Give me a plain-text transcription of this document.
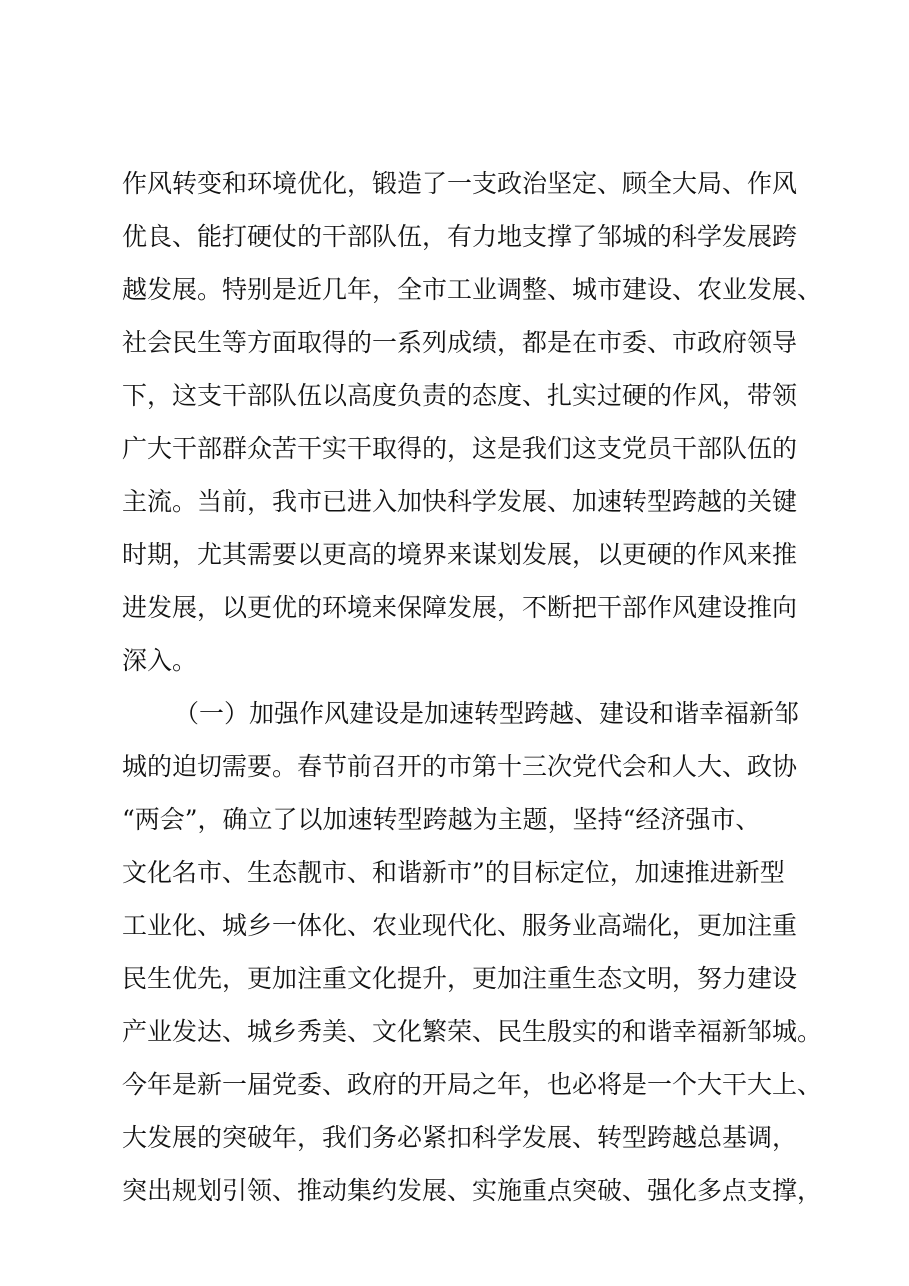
作风转变和环境优化，锻造了一支政治坚定、顾全大局、作风

优良、能打硬仗的干部队伍，有力地支撑了邹城的科学发展跨

越发展。特别是近几年，全市工业调整、城市建设、农业发展、

社会民生等方面取得的一系列成绩，都是在市委、市政府领导

下，这支干部队伍以高度负责的态度、扎实过硬的作风，带领

广大干部群众苦干实干取得的，这是我们这支党员干部队伍的

主流。当前，我市已进入加快科学发展、加速转型跨越的关键

时期，尤其需要以更高的境界来谋划发展，以更硬的作风来推

进发展，以更优的环境来保障发展，不断把干部作风建设推向

深入。

（一）加强作风建设是加速转型跨越、建设和谐幸福新邹

城的迫切需要。春节前召开的市第十三次党代会和人大、政协

“两会”，确立了以加速转型跨越为主题，坚持“经济强市、

文化名市、生态靓市、和谐新市”的目标定位，加速推进新型

工业化、城乡一体化、农业现代化、服务业高端化，更加注重

民生优先，更加注重文化提升，更加注重生态文明，努力建设

产业发达、城乡秀美、文化繁荣、民生殷实的和谐幸福新邹城。

今年是新一届党委、政府的开局之年，也必将是一个大干大上、

大发展的突破年，我们务必紧扣科学发展、转型跨越总基调，

突出规划引领、推动集约发展、实施重点突破、强化多点支撑，
